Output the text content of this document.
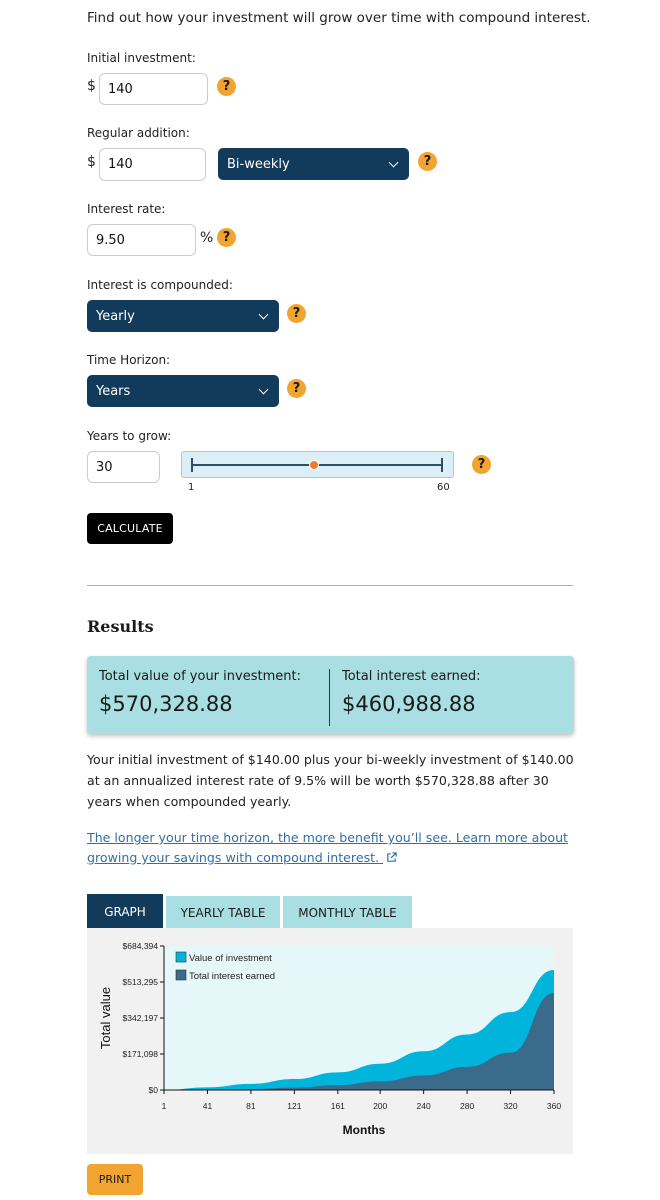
Find out how your investment will grow over time with compound interest.
Initial investment:
$ 140	?
Regular addition:
$ 140	Bi-weekly	?
Interest rate:
9.50	% ?
Interest is compounded:
Yearly	?
Time Horizon:
Years	?
Years to grow:
30
1	60
?
CALCULATE
Results
Total value of your investment:
$570,328.88
Total interest earned:
$460,988.88
Your initial investment of $140.00 plus your bi-weekly investment of $140.00 at an annualized interest rate of 9.5% will be worth $570,328.88 after 30 years when compounded yearly.
The longer your time horizon, the more benefit you’ll see. Learn more about growing your savings with compound interest.
GRAPH	YEARLY TABLE	MONTHLY TABLE
$0
$171,098
$342,197
$513,295
$684,394
1	41	81	121	161	200	240	280	320	360
Months
Total value
Value of investment
Total interest earned
PRINT
